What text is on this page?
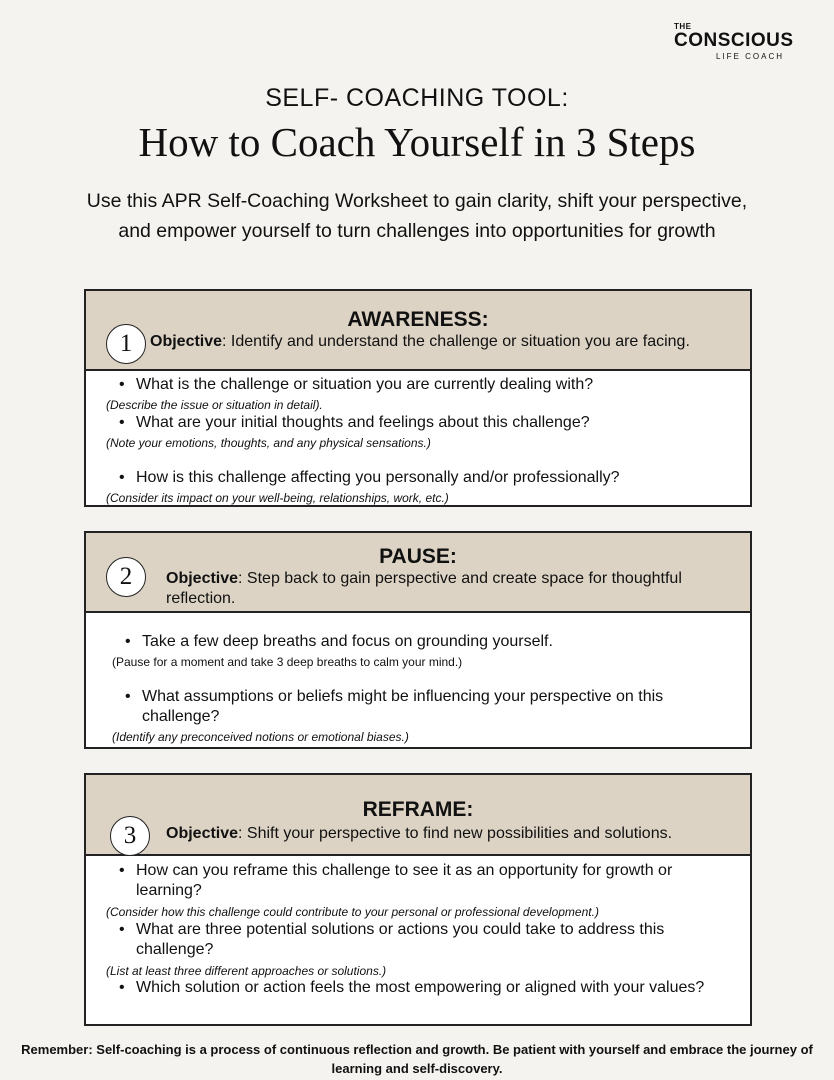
THE
CONSCIOUS
LIFE COACH
SELF- COACHING TOOL:
How to Coach Yourself in 3 Steps
Use this APR Self-Coaching Worksheet to gain clarity, shift your perspective, and empower yourself to turn challenges into opportunities for growth
AWARENESS:
1	Objective: Identify and understand the challenge or situation you are facing.
• What is the challenge or situation you are currently dealing with?
(Describe the issue or situation in detail).
• What are your initial thoughts and feelings about this challenge?
(Note your emotions, thoughts, and any physical sensations.)
• How is this challenge affecting you personally and/or professionally?
(Consider its impact on your well-being, relationships, work, etc.)
PAUSE:
2	Objective: Step back to gain perspective and create space for thoughtful reflection.
• Take a few deep breaths and focus on grounding yourself.
(Pause for a moment and take 3 deep breaths to calm your mind.)
• What assumptions or beliefs might be influencing your perspective on this challenge?
(Identify any preconceived notions or emotional biases.)
REFRAME:
3	Objective: Shift your perspective to find new possibilities and solutions.
• How can you reframe this challenge to see it as an opportunity for growth or learning?
(Consider how this challenge could contribute to your personal or professional development.)
• What are three potential solutions or actions you could take to address this challenge?
(List at least three different approaches or solutions.)
• Which solution or action feels the most empowering or aligned with your values?
Remember: Self-coaching is a process of continuous reflection and growth. Be patient with yourself and embrace the journey of learning and self-discovery.
